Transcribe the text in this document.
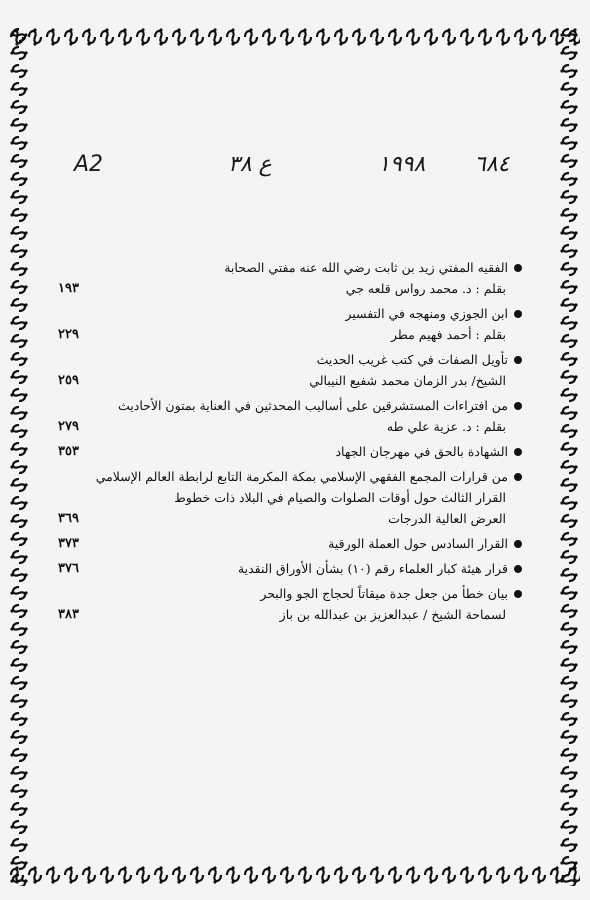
A2	ع ٣٨	١٩٩٨ ٦٨٤
الفقيه المفتي زيد بن ثابت رضي الله عنه مفتي الصحابة
بقلم : د. محمد رواس قلعه جي
١٩٣
ابن الجوزي ومنهجه في التفسير
بقلم : أحمد فهيم مطر
٢٢٩
تأويل الصفات في كتب غريب الحديث
الشيخ/ بدر الزمان محمد شفيع النيبالي
٢٥٩
من افتراءات المستشرقين على أساليب المحدثين في العناية بمتون الأحاديث
بقلم : د. عزية علي طه
٢٧٩
الشهادة بالحق في مهرجان الجهاد
٣٥٣
من قرارات المجمع الفقهي الإسلامي بمكة المكرمة التابع لرابطة العالم الإسلامي
القرار الثالث حول أوقات الصلوات والصيام في البلاد ذات خطوط
العرض العالية الدرجات
٣٦٩
القرار السادس حول العملة الورقية
٣٧٣
قرار هيئة كبار العلماء رقم (١٠) بشأن الأوراق النقدية
٣٧٦
بيان خطأ من جعل جدة ميقاتاً لحجاج الجو والبحر
لسماحة الشيخ / عبدالعزيز بن عبدالله بن باز
٣٨٣
